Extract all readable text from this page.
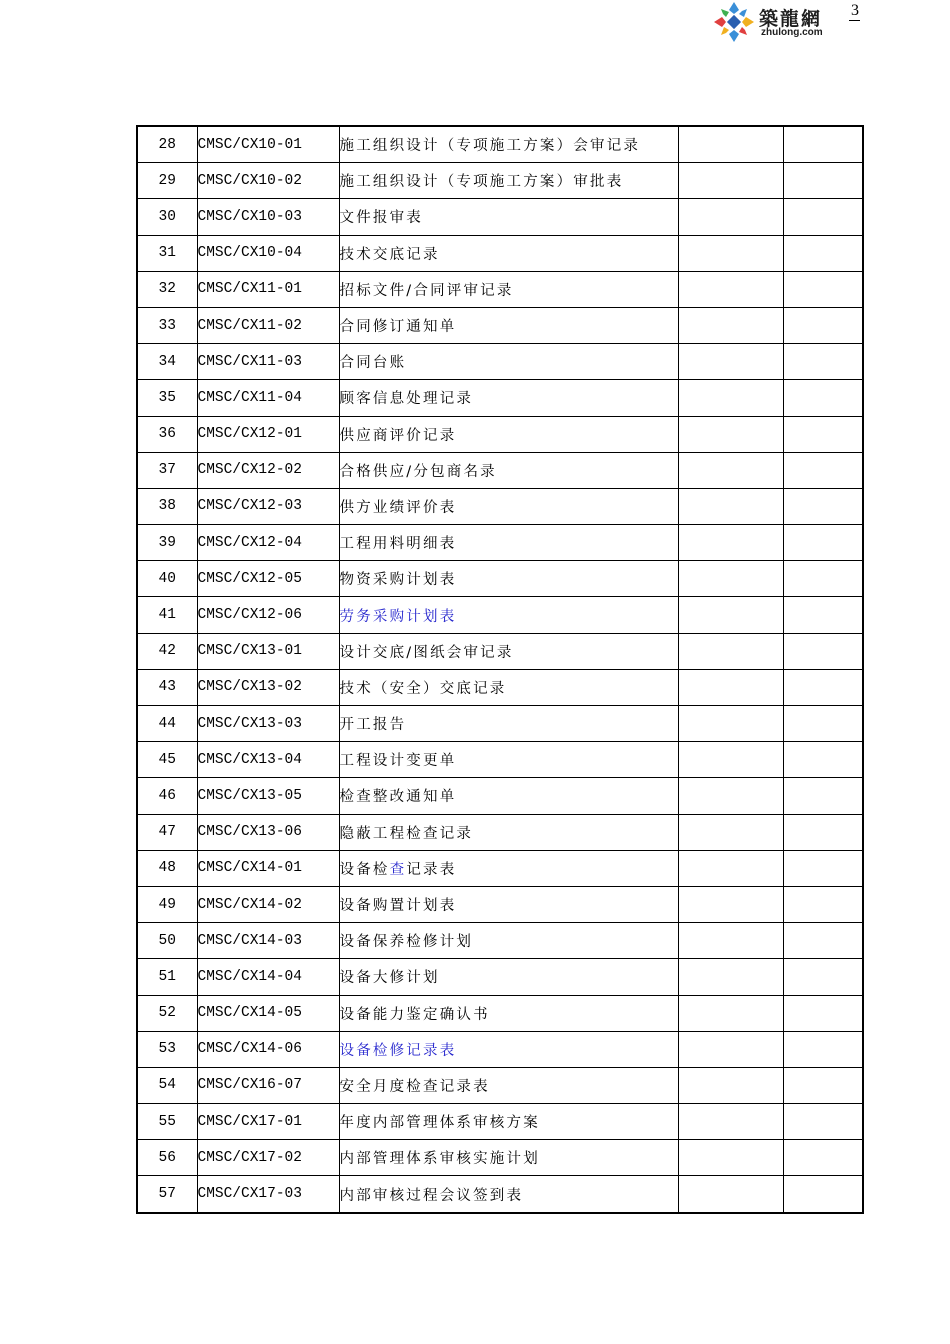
築龍網
zhulong.com
3
28	CMSC/CX10-01	施工组织设计（专项施工方案）会审记录		
29	CMSC/CX10-02	施工组织设计（专项施工方案）审批表		
30	CMSC/CX10-03	文件报审表		
31	CMSC/CX10-04	技术交底记录		
32	CMSC/CX11-01	招标文件/合同评审记录		
33	CMSC/CX11-02	合同修订通知单		
34	CMSC/CX11-03	合同台账		
35	CMSC/CX11-04	顾客信息处理记录		
36	CMSC/CX12-01	供应商评价记录		
37	CMSC/CX12-02	合格供应/分包商名录		
38	CMSC/CX12-03	供方业绩评价表		
39	CMSC/CX12-04	工程用料明细表		
40	CMSC/CX12-05	物资采购计划表		
41	CMSC/CX12-06	劳务采购计划表		
42	CMSC/CX13-01	设计交底/图纸会审记录		
43	CMSC/CX13-02	技术（安全）交底记录		
44	CMSC/CX13-03	开工报告		
45	CMSC/CX13-04	工程设计变更单		
46	CMSC/CX13-05	检查整改通知单		
47	CMSC/CX13-06	隐蔽工程检查记录		
48	CMSC/CX14-01	设备检查记录表		
49	CMSC/CX14-02	设备购置计划表		
50	CMSC/CX14-03	设备保养检修计划		
51	CMSC/CX14-04	设备大修计划		
52	CMSC/CX14-05	设备能力鉴定确认书		
53	CMSC/CX14-06	设备检修记录表		
54	CMSC/CX16-07	安全月度检查记录表		
55	CMSC/CX17-01	年度内部管理体系审核方案		
56	CMSC/CX17-02	内部管理体系审核实施计划		
57	CMSC/CX17-03	内部审核过程会议签到表		
